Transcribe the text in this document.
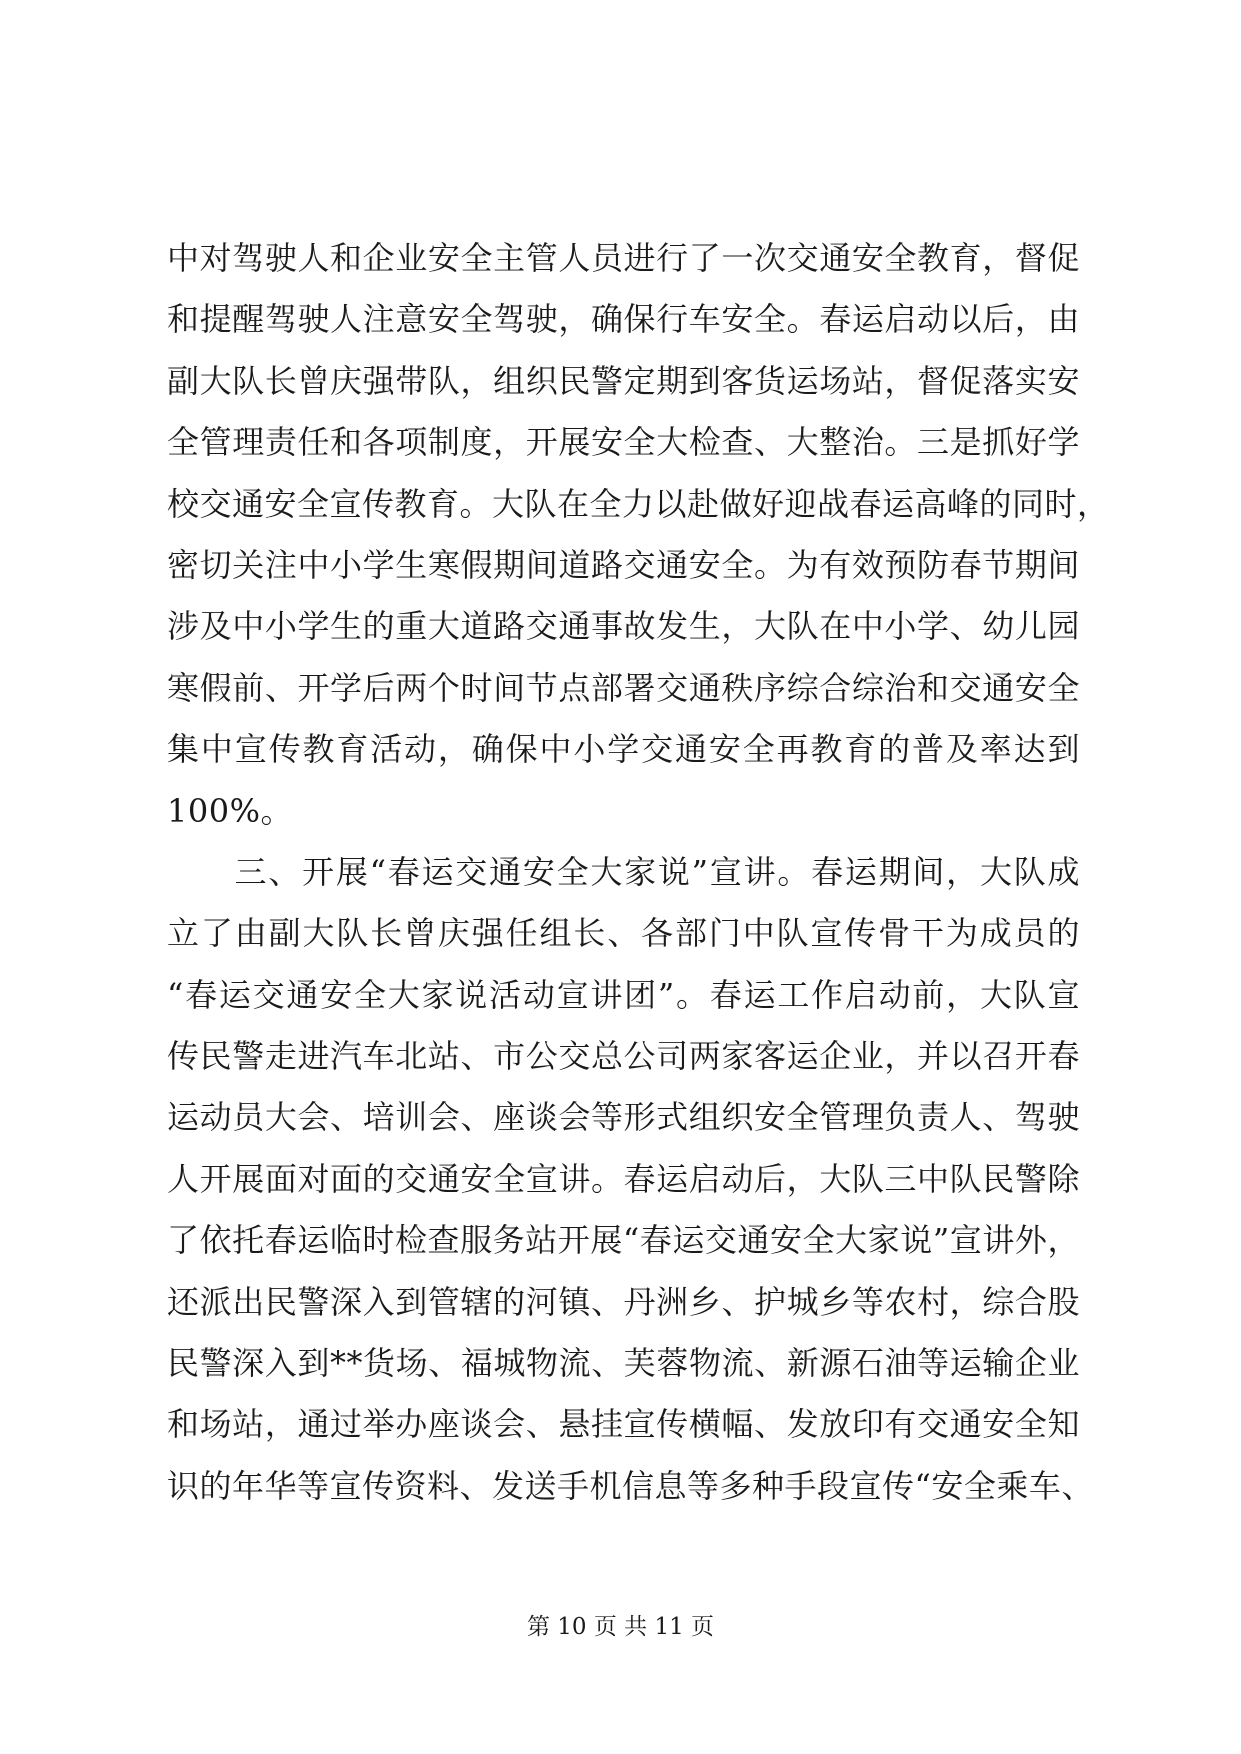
中对驾驶人和企业安全主管人员进行了一次交通安全教育，督促
和提醒驾驶人注意安全驾驶，确保行车安全。春运启动以后，由
副大队长曾庆强带队，组织民警定期到客货运场站，督促落实安
全管理责任和各项制度，开展安全大检查、大整治。三是抓好学
校交通安全宣传教育。大队在全力以赴做好迎战春运高峰的同时，
密切关注中小学生寒假期间道路交通安全。为有效预防春节期间
涉及中小学生的重大道路交通事故发生，大队在中小学、幼儿园
寒假前、开学后两个时间节点部署交通秩序综合综治和交通安全
集中宣传教育活动，确保中小学交通安全再教育的普及率达到
100%。
　　三、开展“春运交通安全大家说”宣讲。春运期间，大队成
立了由副大队长曾庆强任组长、各部门中队宣传骨干为成员的
“春运交通安全大家说活动宣讲团”。春运工作启动前，大队宣
传民警走进汽车北站、市公交总公司两家客运企业，并以召开春
运动员大会、培训会、座谈会等形式组织安全管理负责人、驾驶
人开展面对面的交通安全宣讲。春运启动后，大队三中队民警除
了依托春运临时检查服务站开展“春运交通安全大家说”宣讲外，
还派出民警深入到管辖的河镇、丹洲乡、护城乡等农村，综合股
民警深入到**货场、福城物流、芙蓉物流、新源石油等运输企业
和场站，通过举办座谈会、悬挂宣传横幅、发放印有交通安全知
识的年华等宣传资料、发送手机信息等多种手段宣传“安全乘车、
第 10 页 共 11 页
